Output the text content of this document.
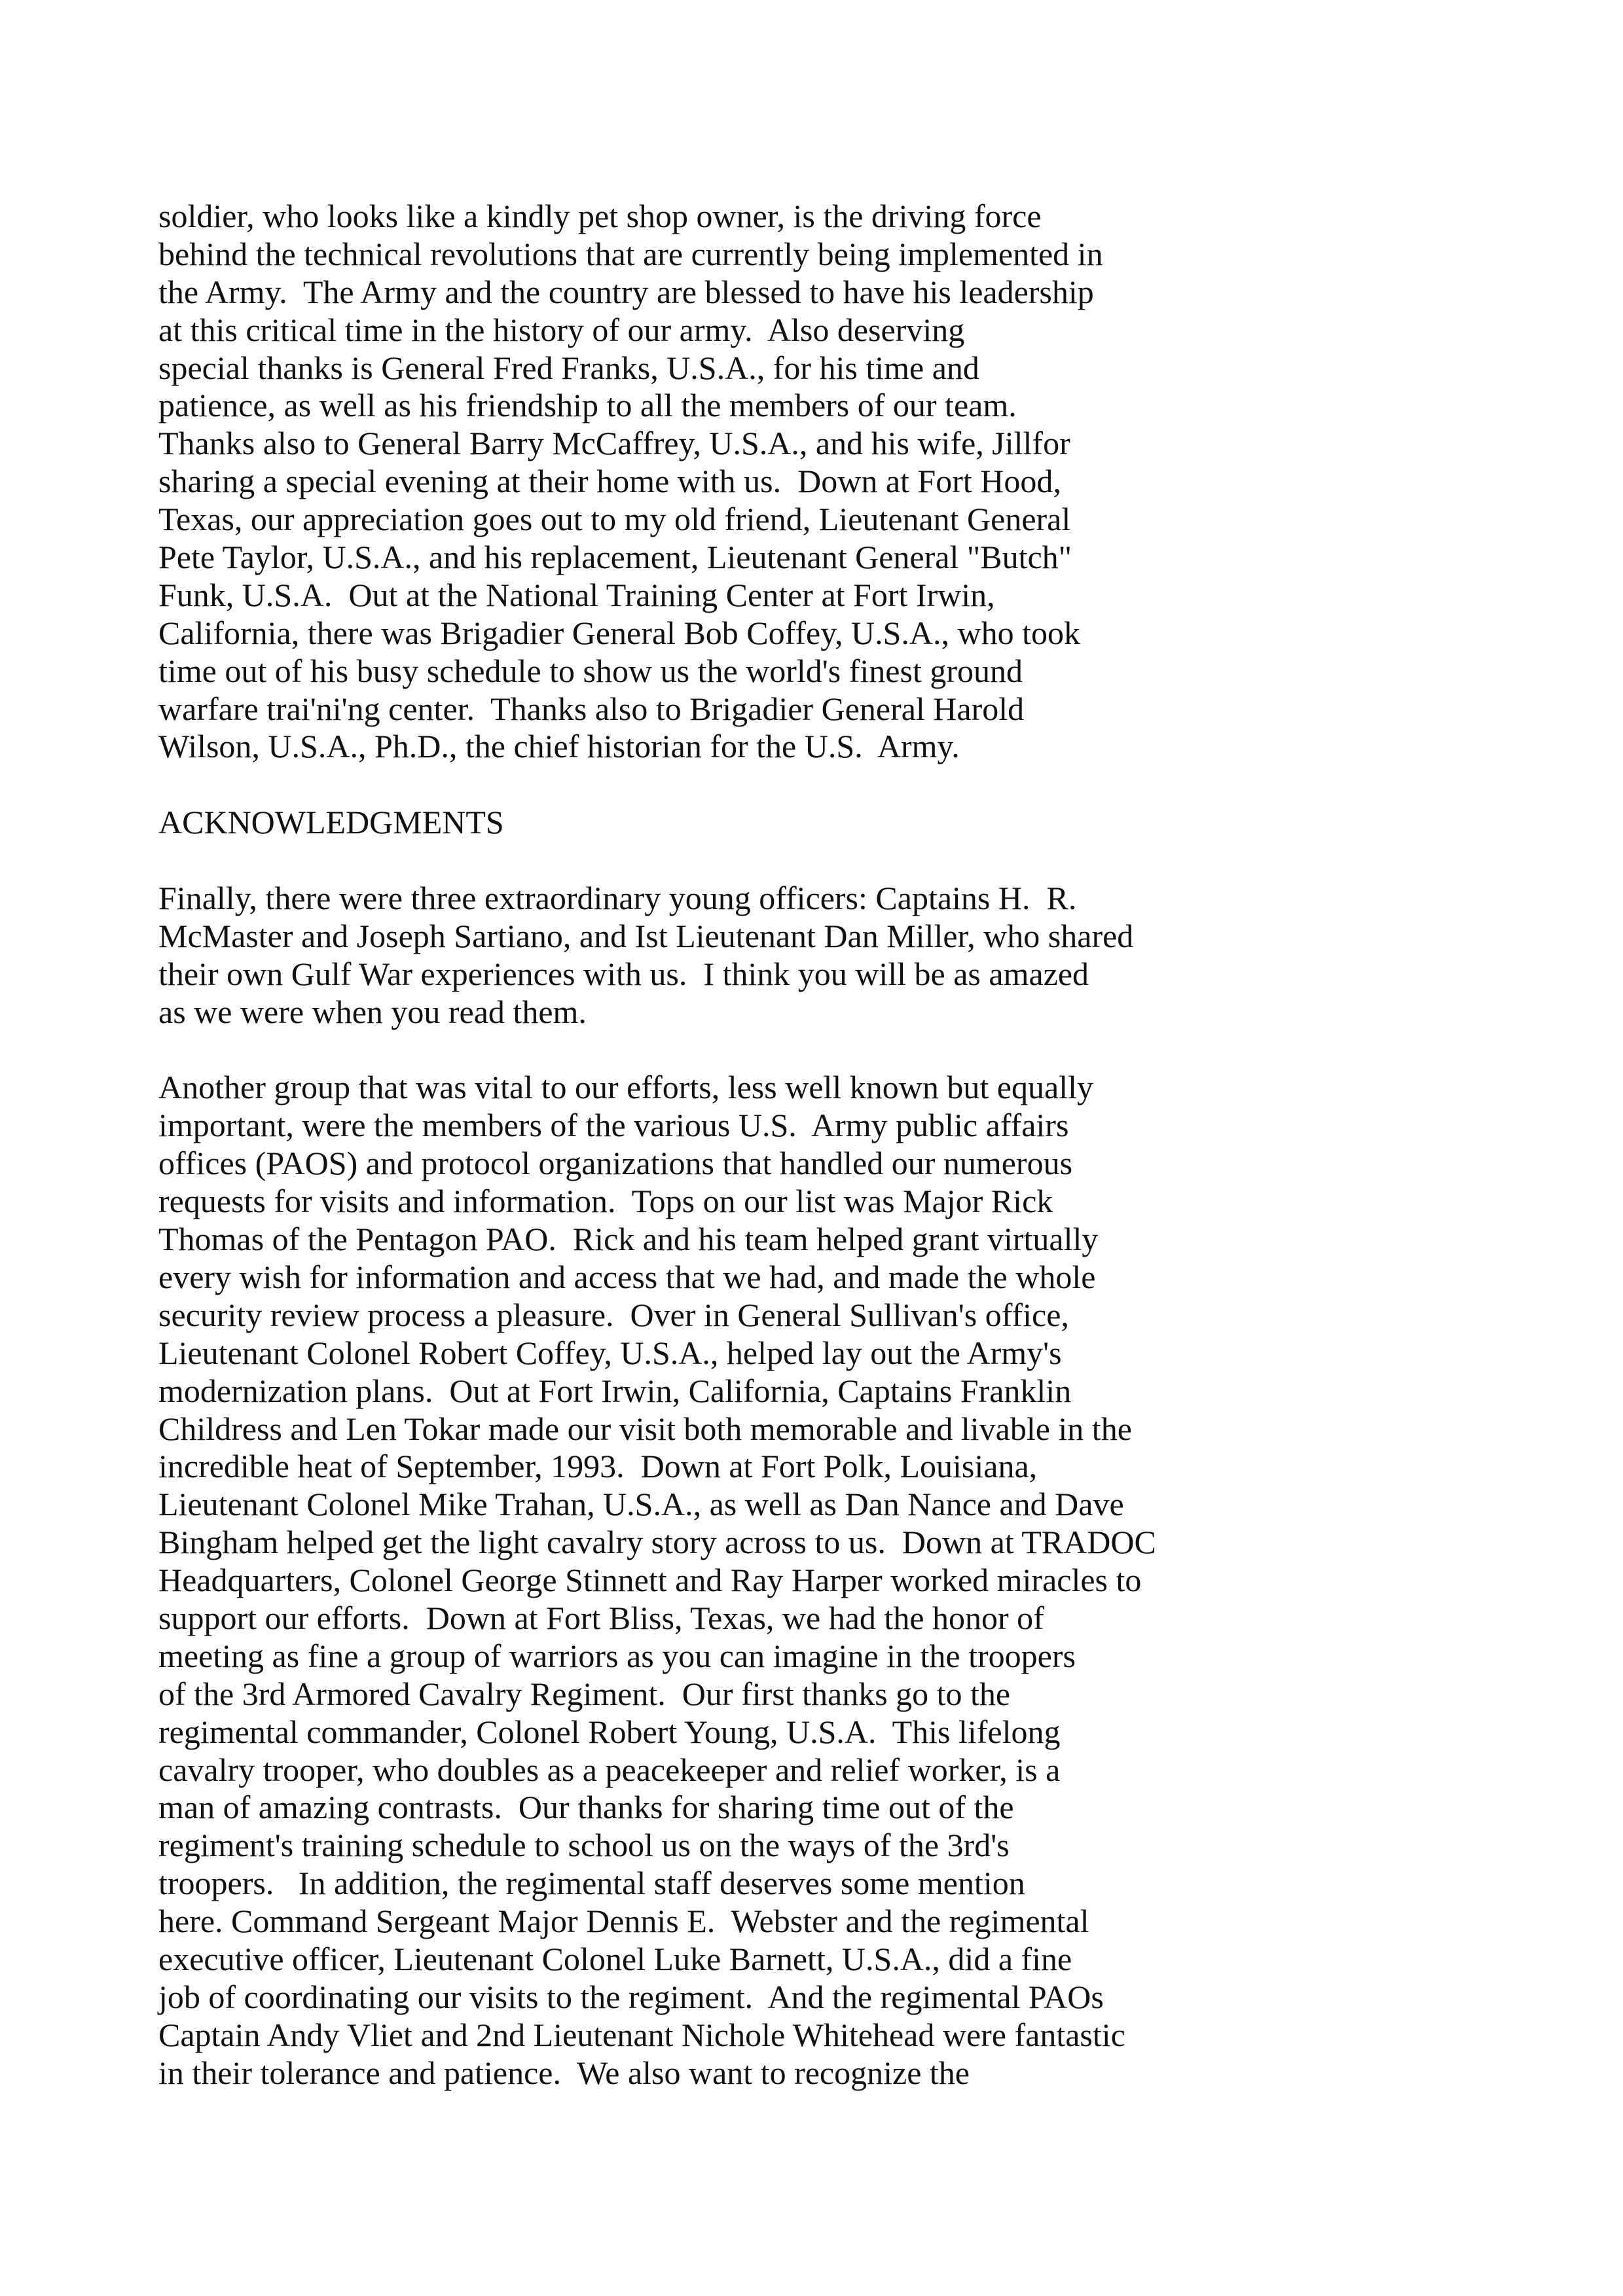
soldier, who looks like a kindly pet shop owner, is the driving force
behind the technical revolutions that are currently being implemented in
the Army.  The Army and the country are blessed to have his leadership
at this critical time in the history of our army.  Also deserving
special thanks is General Fred Franks, U.S.A., for his time and
patience, as well as his friendship to all the members of our team.
Thanks also to General Barry McCaffrey, U.S.A., and his wife, Jillfor
sharing a special evening at their home with us.  Down at Fort Hood,
Texas, our appreciation goes out to my old friend, Lieutenant General
Pete Taylor, U.S.A., and his replacement, Lieutenant General "Butch"
Funk, U.S.A.  Out at the National Training Center at Fort Irwin,
California, there was Brigadier General Bob Coffey, U.S.A., who took
time out of his busy schedule to show us the world's finest ground
warfare trai'ni'ng center.  Thanks also to Brigadier General Harold
Wilson, U.S.A., Ph.D., the chief historian for the U.S.  Army.
ACKNOWLEDGMENTS
Finally, there were three extraordinary young officers: Captains H.  R.
McMaster and Joseph Sartiano, and Ist Lieutenant Dan Miller, who shared
their own Gulf War experiences with us.  I think you will be as amazed
as we were when you read them.
Another group that was vital to our efforts, less well known but equally
important, were the members of the various U.S.  Army public affairs
offices (PAOS) and protocol organizations that handled our numerous
requests for visits and information.  Tops on our list was Major Rick
Thomas of the Pentagon PAO.  Rick and his team helped grant virtually
every wish for information and access that we had, and made the whole
security review process a pleasure.  Over in General Sullivan's office,
Lieutenant Colonel Robert Coffey, U.S.A., helped lay out the Army's
modernization plans.  Out at Fort Irwin, California, Captains Franklin
Childress and Len Tokar made our visit both memorable and livable in the
incredible heat of September, 1993.  Down at Fort Polk, Louisiana,
Lieutenant Colonel Mike Trahan, U.S.A., as well as Dan Nance and Dave
Bingham helped get the light cavalry story across to us.  Down at TRADOC
Headquarters, Colonel George Stinnett and Ray Harper worked miracles to
support our efforts.  Down at Fort Bliss, Texas, we had the honor of
meeting as fine a group of warriors as you can imagine in the troopers
of the 3rd Armored Cavalry Regiment.  Our first thanks go to the
regimental commander, Colonel Robert Young, U.S.A.  This lifelong
cavalry trooper, who doubles as a peacekeeper and relief worker, is a
man of amazing contrasts.  Our thanks for sharing time out of the
regiment's training schedule to school us on the ways of the 3rd's
troopers.   In addition, the regimental staff deserves some mention
here. Command Sergeant Major Dennis E.  Webster and the regimental
executive officer, Lieutenant Colonel Luke Barnett, U.S.A., did a fine
job of coordinating our visits to the regiment.  And the regimental PAOs
Captain Andy Vliet and 2nd Lieutenant Nichole Whitehead were fantastic
in their tolerance and patience.  We also want to recognize the
